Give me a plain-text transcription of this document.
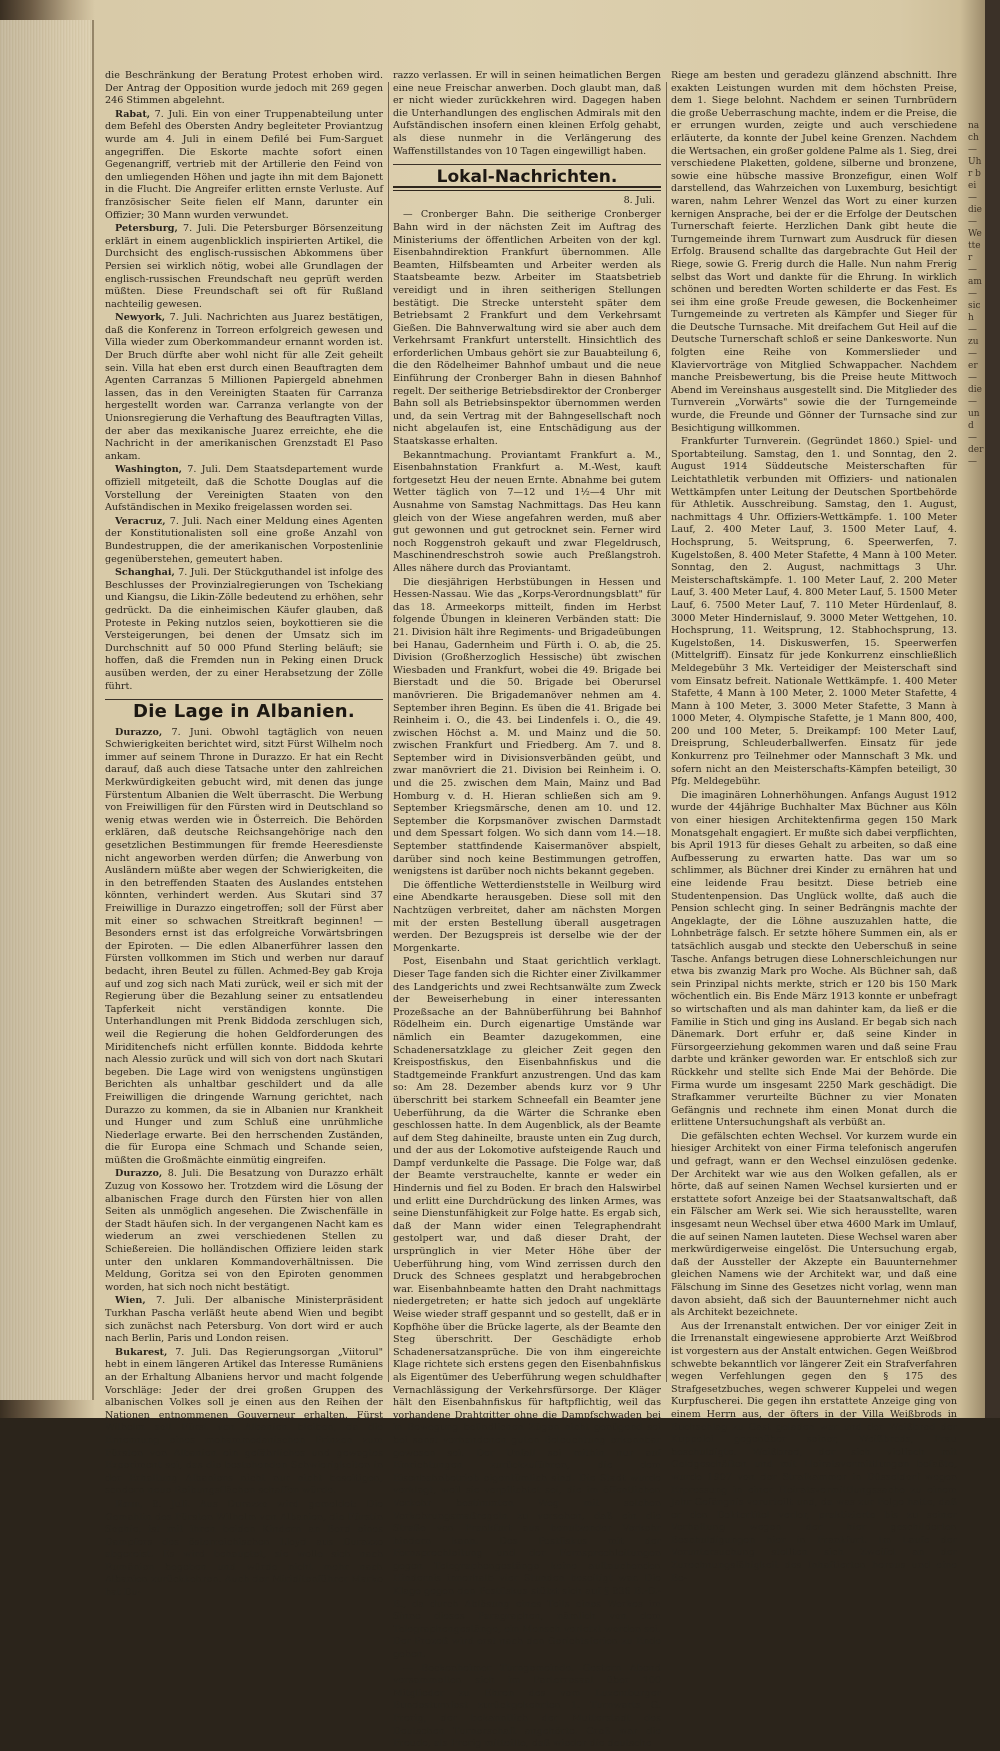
die Beschränkung der Beratung Protest erhoben wird. Der Antrag der Opposition wurde jedoch mit 269 gegen 246 Stimmen abgelehnt.

Rabat, 7. Juli. Ein von einer Truppenabteilung unter dem Befehl des Obersten Andry begleiteter Proviantzug wurde am 4. Juli in einem Defilé bei Fum-Sarguet angegriffen. Die Eskorte machte sofort einen Gegenangriff, vertrieb mit der Artillerie den Feind von den umliegenden Höhen und jagte ihn mit dem Bajonett in die Flucht. Die Angreifer erlitten ernste Verluste. Auf französischer Seite fielen elf Mann, darunter ein Offizier; 30 Mann wurden verwundet.

Petersburg, 7. Juli. Die Petersburger Börsenzeitung erklärt in einem augenblicklich inspirierten Artikel, die Durchsicht des englisch-russischen Abkommens über Persien sei wirklich nötig, wobei alle Grundlagen der englisch-russischen Freundschaft neu geprüft werden müßten. Diese Freundschaft sei oft für Rußland nachteilig gewesen.

Newyork, 7. Juli. Nachrichten aus Juarez bestätigen, daß die Konferenz in Torreon erfolgreich gewesen und Villa wieder zum Oberkommandeur ernannt worden ist. Der Bruch dürfte aber wohl nicht für alle Zeit geheilt sein. Villa hat eben erst durch einen Beauftragten dem Agenten Carranzas 5 Millionen Papiergeld abnehmen lassen, das in den Vereinigten Staaten für Carranza hergestellt worden war. Carranza verlangte von der Unionsregierung die Verhaftung des Beauftragten Villas, der aber das mexikanische Juarez erreichte, ehe die Nachricht in der amerikanischen Grenzstadt El Paso ankam.

Washington, 7. Juli. Dem Staatsdepartement wurde offiziell mitgeteilt, daß die Schotte Douglas auf die Vorstellung der Vereinigten Staaten von den Aufständischen in Mexiko freigelassen worden sei.

Veracruz, 7. Juli. Nach einer Meldung eines Agenten der Konstitutionalisten soll eine große Anzahl von Bundestruppen, die der amerikanischen Vorpostenlinie gegenüberstehen, gemeutert haben.

Schanghai, 7. Juli. Der Stückguthandel ist infolge des Beschlusses der Provinzialregierungen von Tschekiang und Kiangsu, die Likin-Zölle bedeutend zu erhöhen, sehr gedrückt. Da die einheimischen Käufer glauben, daß Proteste in Peking nutzlos seien, boykottieren sie die Versteigerungen, bei denen der Umsatz sich im Durchschnitt auf 50 000 Pfund Sterling beläuft; sie hoffen, daß die Fremden nun in Peking einen Druck ausüben werden, der zu einer Herabsetzung der Zölle führt.

Die Lage in Albanien.

Durazzo, 7. Juni. Obwohl tagtäglich von neuen Schwierigkeiten berichtet wird, sitzt Fürst Wilhelm noch immer auf seinem Throne in Durazzo. Er hat ein Recht darauf, daß auch diese Tatsache unter den zahlreichen Merkwürdigkeiten gebucht wird, mit denen das junge Fürstentum Albanien die Welt überrascht. Die Werbung von Freiwilligen für den Fürsten wird in Deutschland so wenig etwas werden wie in Österreich. Die Behörden erklären, daß deutsche Reichsangehörige nach den gesetzlichen Bestimmungen für fremde Heeresdienste nicht angeworben werden dürfen; die Anwerbung von Ausländern müßte aber wegen der Schwierigkeiten, die in den betreffenden Staaten des Auslandes entstehen könnten, verhindert werden. Aus Skutari sind 37 Freiwillige in Durazzo eingetroffen; soll der Fürst aber mit einer so schwachen Streitkraft beginnen! — Besonders ernst ist das erfolgreiche Vorwärtsbringen der Epiroten. — Die edlen Albanerführer lassen den Fürsten vollkommen im Stich und werben nur darauf bedacht, ihren Beutel zu füllen. Achmed-Bey gab Kroja auf und zog sich nach Mati zurück, weil er sich mit der Regierung über die Bezahlung seiner zu entsatlendeu Tapferkeit nicht verständigen konnte. Die Unterhandlungen mit Prenk Biddoda zerschlugen sich, weil die Regierung die hohen Geldforderungen des Miriditenchefs nicht erfüllen konnte. Biddoda kehrte nach Alessio zurück und will sich von dort nach Skutari begeben. Die Lage wird von wenigstens ungünstigen Berichten als unhaltbar geschildert und da alle Freiwilligen die dringende Warnung gerichtet, nach Durazzo zu kommen, da sie in Albanien nur Krankheit und Hunger und zum Schluß eine unrühmliche Niederlage erwarte. Bei den herrschenden Zuständen, die für Europa eine Schmach und Schande seien, müßten die Großmächte einmütig eingreifen.

Durazzo, 8. Juli. Die Besatzung von Durazzo erhält Zuzug von Kossowo her. Trotzdem wird die Lösung der albanischen Frage durch den Fürsten hier von allen Seiten als unmöglich angesehen. Die Zwischenfälle in der Stadt häufen sich. In der vergangenen Nacht kam es wiederum an zwei verschiedenen Stellen zu Schießereien. Die holländischen Offiziere leiden stark unter den unklaren Kommandoverhältnissen. Die Meldung, Goritza sei von den Epiroten genommen worden, hat sich noch nicht bestätigt.

Wien, 7. Juli. Der albanische Ministerpräsident Turkhan Pascha verläßt heute abend Wien und begibt sich zunächst nach Petersburg. Von dort wird er auch nach Berlin, Paris und London reisen.

Bukarest, 7. Juli. Das Regierungsorgan „Viitorul" hebt in einem längeren Artikel das Interesse Rumäniens an der Erhaltung Albaniens hervor und macht folgende Vorschläge: Jeder der drei großen Gruppen des albanischen Volkes soll je einen aus den Reihen der Nationen entnommenen Gouverneur erhalten. Fürst Wilhelm soll Fürst von Albanien bleiben, da die Ernennung eines mohammedanischen Prinzen zum Fürsten von Albanien ein gefährliches und gewagtes Experiment sei, das die bestehenden Schwierigkeiten in der Erhaltung Albaniens nicht nur nicht beseitigen, sondern neue Reibungsflächen schaffen würde.

Rom, 8. Juli. Aus Durazzo wird gemeldet: Die Gemahlin des Fürsten Wilhelm von Albanien, die Fürstin Sophie, ist mit ihren beiden Kindern an Bord eines Dampfers des österreichischen Lloyd aus Durazzo abgereist. Es wird behauptet, sie wolle sich nach Rumänien begeben und würde nicht mehr nach Albanien zurückkehren. Auch der Miriditenführer Marko hat Du-

razzo verlassen. Er will in seinen heimatlichen Bergen eine neue Freischar anwerben. Doch glaubt man, daß er nicht wieder zurückkehren wird. Dagegen haben die Unterhandlungen des englischen Admirals mit den Aufständischen insofern einen kleinen Erfolg gehabt, als diese nunmehr in die Verlängerung des Waffenstillstandes von 10 Tagen eingewilligt haben.

Lokal-Nachrichten.
8. Juli.

— Cronberger Bahn. Die seitherige Cronberger Bahn wird in der nächsten Zeit im Auftrag des Ministeriums der öffentlichen Arbeiten von der kgl. Eisenbahndirektion Frankfurt übernommen. Alle Beamten, Hilfsbeamten und Arbeiter werden als Staatsbeamte bezw. Arbeiter im Staatsbetrieb vereidigt und in ihren seitherigen Stellungen bestätigt. Die Strecke untersteht später dem Betriebsamt 2 Frankfurt und dem Verkehrsamt Gießen. Die Bahnverwaltung wird sie aber auch dem Verkehrsamt Frankfurt unterstellt. Hinsichtlich des erforderlichen Umbaus gehört sie zur Bauabteilung 6, die den Rödelheimer Bahnhof umbaut und die neue Einführung der Cronberger Bahn in diesen Bahnhof regelt. Der seitherige Betriebsdirektor der Cronberger Bahn soll als Betriebsinspektor übernommen werden und, da sein Vertrag mit der Bahngesellschaft noch nicht abgelaufen ist, eine Entschädigung aus der Staatskasse erhalten.

Bekanntmachung. Proviantamt Frankfurt a. M., Eisenbahnstation Frankfurt a. M.-West, kauft fortgesetzt Heu der neuen Ernte. Abnahme bei gutem Wetter täglich von 7—12 und 1½—4 Uhr mit Ausnahme von Samstag Nachmittags. Das Heu kann gleich von der Wiese angefahren werden, muß aber gut gewonnen und gut getrocknet sein. Ferner wird noch Roggenstroh gekauft und zwar Flegeldrusch, Maschinendreschstroh sowie auch Preßlangstroh. Alles nähere durch das Proviantamt.

Die diesjährigen Herbstübungen in Hessen und Hessen-Nassau. Wie das „Korps-Verordnungsblatt" für das 18. Armeekorps mitteilt, finden im Herbst folgende Übungen in kleineren Verbänden statt: Die 21. Division hält ihre Regiments- und Brigadeübungen bei Hanau, Gadernheim und Fürth i. O. ab, die 25. Division (Großherzoglich Hessische) übt zwischen Wiesbaden und Frankfurt, wobei die 49. Brigade bei Bierstadt und die 50. Brigade bei Oberursel manövrieren. Die Brigademanöver nehmen am 4. September ihren Beginn. Es üben die 41. Brigade bei Reinheim i. O., die 43. bei Lindenfels i. O., die 49. zwischen Höchst a. M. und Mainz und die 50. zwischen Frankfurt und Friedberg. Am 7. und 8. September wird in Divisionsverbänden geübt, und zwar manövriert die 21. Division bei Reinheim i. O. und die 25. zwischen dem Main, Mainz und Bad Homburg v. d. H. Hieran schließen sich am 9. September Kriegsmärsche, denen am 10. und 12. September die Korpsmanöver zwischen Darmstadt und dem Spessart folgen. Wo sich dann vom 14.—18. September stattfindende Kaisermanöver abspielt, darüber sind noch keine Bestimmungen getroffen, wenigstens ist darüber noch nichts bekannt gegeben.

Die öffentliche Wetterdienststelle in Weilburg wird eine Abendkarte herausgeben. Diese soll mit den Nachtzügen verbreitet, daher am nächsten Morgen mit der ersten Bestellung überall ausgetragen werden. Der Bezugspreis ist derselbe wie der der Morgenkarte.

Post, Eisenbahn und Staat gerichtlich verklagt. Dieser Tage fanden sich die Richter einer Zivilkammer des Landgerichts und zwei Rechtsanwälte zum Zweck der Beweiserhebung in einer interessanten Prozeßsache an der Bahnüberführung bei Bahnhof Rödelheim ein. Durch eigenartige Umstände war nämlich ein Beamter dazugekommen, eine Schadenersatzklage zu gleicher Zeit gegen den Kreispostfiskus, den Eisenbahnfiskus und die Stadtgemeinde Frankfurt anzustrengen. Und das kam so: Am 28. Dezember abends kurz vor 9 Uhr überschritt bei starkem Schneefall ein Beamter jene Ueberführung, da die Wärter die Schranke eben geschlossen hatte. In dem Augenblick, als der Beamte auf dem Steg dahineilte, brauste unten ein Zug durch, und der aus der Lokomotive aufsteigende Rauch und Dampf verdunkelte die Passage. Die Folge war, daß der Beamte verstrauchelte, kannte er weder ein Hindernis und fiel zu Boden. Er brach den Halswirbel und erlitt eine Durchdrückung des linken Armes, was seine Dienstunfähigkeit zur Folge hatte. Es ergab sich, daß der Mann wider einen Telegraphendraht gestolpert war, und daß dieser Draht, der ursprünglich in vier Meter Höhe über der Ueberführung hing, vom Wind zerrissen durch den Druck des Schnees gesplatzt und herabgebrochen war. Eisenbahnbeamte hatten den Draht nachmittags niedergetreten; er hatte sich jedoch auf ungeklärte Weise wieder straff gespannt und so gestellt, daß er in Kopfhöhe über die Brücke lagerte, als der Beamte den Steg überschritt. Der Geschädigte erhob Schadenersatzansprüche. Die von ihm eingereichte Klage richtete sich erstens gegen den Eisenbahnfiskus als Eigentümer des Ueberführung wegen schuldhafter Vernachlässigung der Verkehrsfürsorge. Der Kläger hält den Eisenbahnfiskus für haftpflichtig, weil das vorhandene Drahtgitter ohne die Dampfschwaden bei in Bewegung befindlichen Zügen nicht genügend sei bei sonst vorhandenen guten Beleuchtung erkennbar gewesen sei. Der Unfall sei mithin nur auf Einrichtungen zurückzuführen, die dem Eisenbahnbetrieb eigentümlich sind. Die Stadt wurde verklagt, weil sie verpflichtet sei, die im öffentlichen Verkehr bestimmten Weg mit solchen Vorkehrungsmaßregeln zu versehen, daß ein die Straße von Frankfurt aus benutzender Verkehr hindern kann. Des Postfiskus mit der Fernsprechleitung und der Fernsprechleitungen gegen Telegraphengestänge keine auftauchenden Hindernis innerhalb vier Stunden beseitigt war. Die Klage gegen den Postfiskus stützt sich auf § 836 B.-G.-B., da durch Ablösung eines Teils eines Werkes im Sinne dieses Paragraphen, nämlich von dem Telegraphengestänge, ein Mensch verletzt worden sei. Der Prozeß wird erst nach den Gerichtsferien zu Ende gehen.

— Bockenheimer Turngemeinde. Gestern Abend versammelten sich im Parterresaal über 100 Mitglieder zu Ehren des vom Luxemburger Bundesturnfest zurückgekehrten 1. Turnwarts G. Frerig, der bekanntlich der Mutterstadt des Deutschen Turnerschaft angehörte. Groß war die Freude, als Frerig mitteilte, daß wieder die deutsche

Riege am besten und geradezu glänzend abschnitt. Ihre exakten Leistungen wurden mit dem höchsten Preise, dem 1. Siege belohnt. Nachdem er seinen Turnbrüdern die große Ueberraschung machte, indem er die Preise, die er errungen wurden, zeigte und auch verschiedene erläuterte, da konnte der Jubel keine Grenzen. Nachdem die Wertsachen, ein großer goldene Palme als 1. Sieg, drei verschiedene Plaketten, goldene, silberne und bronzene, sowie eine hübsche massive Bronzefigur, einen Wolf darstellend, das Wahrzeichen von Luxemburg, besichtigt waren, nahm Lehrer Wenzel das Wort zu einer kurzen kernigen Ansprache, bei der er die Erfolge der Deutschen Turnerschaft feierte. Herzlichen Dank gibt heute die Turngemeinde ihrem Turnwart zum Ausdruck für diesen Erfolg. Brausend schallte das dargebrachte Gut Heil der Riege, sowie G. Frerig durch die Halle. Nun nahm Frerig selbst das Wort und dankte für die Ehrung. In wirklich schönen und beredten Worten schilderte er das Fest. Es sei ihm eine große Freude gewesen, die Bockenheimer Turngemeinde zu vertreten als Kämpfer und Sieger für die Deutsche Turnsache. Mit dreifachem Gut Heil auf die Deutsche Turnerschaft schloß er seine Dankesworte. Nun folgten eine Reihe von Kommerslieder und Klaviervorträge von Mitglied Schwappacher. Nachdem manche Preisbewertung, bis die Preise heute Mittwoch Abend im Vereinshaus ausgestellt sind. Die Mitglieder des Turnverein „Vorwärts" sowie die der Turngemeinde wurde, die Freunde und Gönner der Turnsache sind zur Besichtigung willkommen.

Frankfurter Turnverein. (Gegründet 1860.) Spiel- und Sportabteilung. Samstag, den 1. und Sonntag, den 2. August 1914 Süddeutsche Meisterschaften für Leichtathletik verbunden mit Offiziers- und nationalen Wettkämpfen unter Leitung der Deutschen Sportbehörde für Athletik. Ausschreibung. Samstag, den 1. August, nachmittags 4 Uhr. Offiziers-Wettkämpfe. 1. 100 Meter Lauf, 2. 400 Meter Lauf, 3. 1500 Meter Lauf, 4. Hochsprung, 5. Weitsprung, 6. Speerwerfen, 7. Kugelstoßen, 8. 400 Meter Stafette, 4 Mann à 100 Meter. Sonntag, den 2. August, nachmittags 3 Uhr. Meisterschaftskämpfe. 1. 100 Meter Lauf, 2. 200 Meter Lauf, 3. 400 Meter Lauf, 4. 800 Meter Lauf, 5. 1500 Meter Lauf, 6. 7500 Meter Lauf, 7. 110 Meter Hürdenlauf, 8. 3000 Meter Hindernislauf, 9. 3000 Meter Wettgehen, 10. Hochsprung, 11. Weitsprung, 12. Stabhochsprung, 13. Kugelstoßen, 14. Diskuswerfen, 15. Speerwerfen (Mittelgriff). Einsatz für jede Konkurrenz einschließlich Meldegebühr 3 Mk. Verteidiger der Meisterschaft sind vom Einsatz befreit. Nationale Wettkämpfe. 1. 400 Meter Stafette, 4 Mann à 100 Meter, 2. 1000 Meter Stafette, 4 Mann à 100 Meter, 3. 3000 Meter Stafette, 3 Mann à 1000 Meter, 4. Olympische Stafette, je 1 Mann 800, 400, 200 und 100 Meter, 5. Dreikampf: 100 Meter Lauf, Dreisprung, Schleuderballwerfen. Einsatz für jede Konkurrenz pro Teilnehmer oder Mannschaft 3 Mk. und sofern nicht an den Meisterschafts-Kämpfen beteiligt, 30 Pfg. Meldegebühr.

Die imaginären Lohnerhöhungen. Anfangs August 1912 wurde der 44jährige Buchhalter Max Büchner aus Köln von einer hiesigen Architektenfirma gegen 150 Mark Monatsgehalt engagiert. Er mußte sich dabei verpflichten, bis April 1913 für dieses Gehalt zu arbeiten, so daß eine Aufbesserung zu erwarten hatte. Das war um so schlimmer, als Büchner drei Kinder zu ernähren hat und eine leidende Frau besitzt. Diese betrieb eine Studentenpension. Das Unglück wollte, daß auch die Pension schlecht ging. In seiner Bedrängnis machte der Angeklagte, der die Löhne auszuzahlen hatte, die Lohnbeträge falsch. Er setzte höhere Summen ein, als er tatsächlich ausgab und steckte den Ueberschuß in seine Tasche. Anfangs betrugen diese Lohnerschleichungen nur etwa bis zwanzig Mark pro Woche. Als Büchner sah, daß sein Prinzipal nichts merkte, strich er 120 bis 150 Mark wöchentlich ein. Bis Ende März 1913 konnte er unbefragt so wirtschaften und als man dahinter kam, da ließ er die Familie in Stich und ging ins Ausland. Er begab sich nach Dänemark. Dort erfuhr er, daß seine Kinder in Fürsorgeerziehung gekommen waren und daß seine Frau darbte und kränker geworden war. Er entschloß sich zur Rückkehr und stellte sich Ende Mai der Behörde. Die Firma wurde um insgesamt 2250 Mark geschädigt. Die Strafkammer verurteilte Büchner zu vier Monaten Gefängnis und rechnete ihm einen Monat durch die erlittene Untersuchungshaft als verbüßt an.

Die gefälschten echten Wechsel. Vor kurzem wurde ein hiesiger Architekt von einer Firma telefonisch angerufen und gefragt, wann er den Wechsel einzulösen gedenke. Der Architekt war wie aus den Wolken gefallen, als er hörte, daß auf seinen Namen Wechsel kursierten und er erstattete sofort Anzeige bei der Staatsanwaltschaft, daß ein Fälscher am Werk sei. Wie sich herausstellte, waren insgesamt neun Wechsel über etwa 4600 Mark im Umlauf, die auf seinen Namen lauteten. Diese Wechsel waren aber merkwürdigerweise eingelöst. Die Untersuchung ergab, daß der Aussteller der Akzepte ein Bauunternehmer gleichen Namens wie der Architekt war, und daß eine Fälschung im Sinne des Gesetzes nicht vorlag, wenn man davon absieht, daß sich der Bauunternehmer nicht auch als Architekt bezeichnete.

Aus der Irrenanstalt entwichen. Der vor einiger Zeit in die Irrenanstalt eingewiesene approbierte Arzt Weißbrod ist vorgestern aus der Anstalt entwichen. Gegen Weißbrod schwebte bekanntlich vor längerer Zeit ein Strafverfahren wegen Verfehlungen gegen den § 175 des Strafgesetzbuches, wegen schwerer Kuppelei und wegen Kurpfuscherei. Die gegen ihn erstattete Anzeige ging von einem Herrn aus, der öfters in der Villa Weißbrods in Buchschlag zu Gast geladen war und der Weißbrod der Kuppelei gegenüber seiner, Weißbrods, Frau beschuldigte. Weißbrod, der sich vielfach mit Geldgeschäften und mit Heiratsvermittlungen befaßte, wurde 1907 von der Strafkammer in Düsseldorf wegen Erpressung in einer Heiratsvermittlungssache zu einem Jahr Gefängnis verurteilt und, da was zur Folge hatte, daß er den Doktortitel verlor, praktizierte bis zu seiner Verhaftung wegen der hier geschilderten Beschuldigungen hier in Frankfurt. Im Laufe der Voruntersuchung stellten sich Zweifel an der Zurechnungsfähigkeit des Inhaftierten heraus und eine Be-

nach — Uhr bei — die — Wetter — am — sich — zu — er — die — und — der —
